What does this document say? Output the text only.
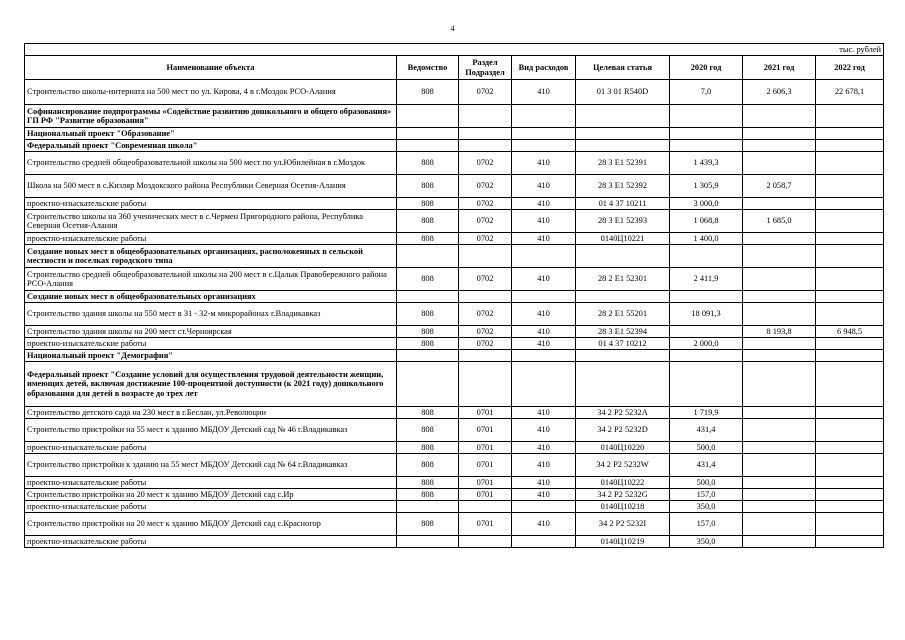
4
тыс. рублей							
Наименование объекта	Ведомство	Раздел Подраздел	Вид расходов	Целевая статья	2020 год	2021 год	2022 год
Строительство школы-интерната на 500 мест по ул. Кирова, 4 в г.Моздок РСО-Алания	808	0702	410	01 3 01 R540D	7,0	2 606,3	22 678,1
Софинансирование подпрограммы «Содействие развитию дошкольного и общего образования» ГП РФ "Развитие образования"							
Национальный проект "Образование"							
Федеральный проект "Современная школа"							
Строительство средней общеобразовательной школы на 500 мест по ул.Юбилейная в г.Моздок	808	0702	410	28 3 E1 52391	1 439,3		
Школа на 500 мест в с.Кизляр Моздокского района Республики Северная Осетия-Алания	808	0702	410	28 3 E1 52392	1 305,9	2 058,7	
проектно-изыскательские работы	808	0702	410	01 4 37 10211	3 000,0		
Строительство школы на 360 ученических мест в с.Чермен Пригородного района, Республика Северная Осетия-Алания	808	0702	410	28 3 E1 52393	1 068,8	1 685,0	
проектно-изыскательские работы	808	0702	410	0140Ц10221	1 400,0		
Создание новых мест в общеобразовательных организациях, расположенных в сельской местности и поселках городского типа							
Строительство средней общеобразовательной школы на 200 мест в с.Цалык Правобережного района РСО-Алания	808	0702	410	28 2 E1 52301	2 411,9		
Создание новых мест в общеобразовательных организациях							
Строительство здания школы на 550 мест в 31 - 32-м микрорайонах г.Владикавказ	808	0702	410	28 2 E1 55201	18 091,3		
Строительство здания школы на 200 мест ст.Черноярская	808	0702	410	28 3 E1 52394		8 193,8	6 948,5
проектно-изыскательские работы	808	0702	410	01 4 37 10212	2 000,0		
Национальный проект "Демография"							
Федеральный проект "Создание условий для осуществления трудовой деятельности женщин, имеющих детей, включая достижение 100-процентной доступности (к 2021 году) дошкольного образования для детей в возрасте до трех лет							
Строительство детского сада на 230 мест в г.Беслан, ул.Революции	808	0701	410	34 2 P2 5232A	1 719,9		
Строительство пристройки на 55 мест к зданию МБДОУ Детский сад № 46 г.Владикавказ	808	0701	410	34 2 P2 5232D	431,4		
проектно-изыскательские работы	808	0701	410	0140Ц10220	500,0		
Строительство пристройки к зданию на 55 мест МБДОУ Детский сад № 64 г.Владикавказ	808	0701	410	34 2 P2 5232W	431,4		
проектно-изыскательские работы	808	0701	410	0140Ц10222	500,0		
Строительство пристройки на 20 мест к зданию МБДОУ Детский сад с.Ир	808	0701	410	34 2 P2 5232G	157,0		
проектно-изыскательские работы				0140Ц10218	350,0		
Строительство пристройки на 20 мест к зданию МБДОУ Детский сад с.Красногор	808	0701	410	34 2 P2 5232I	157,0		
проектно-изыскательские работы				0140Ц10219	350,0		
